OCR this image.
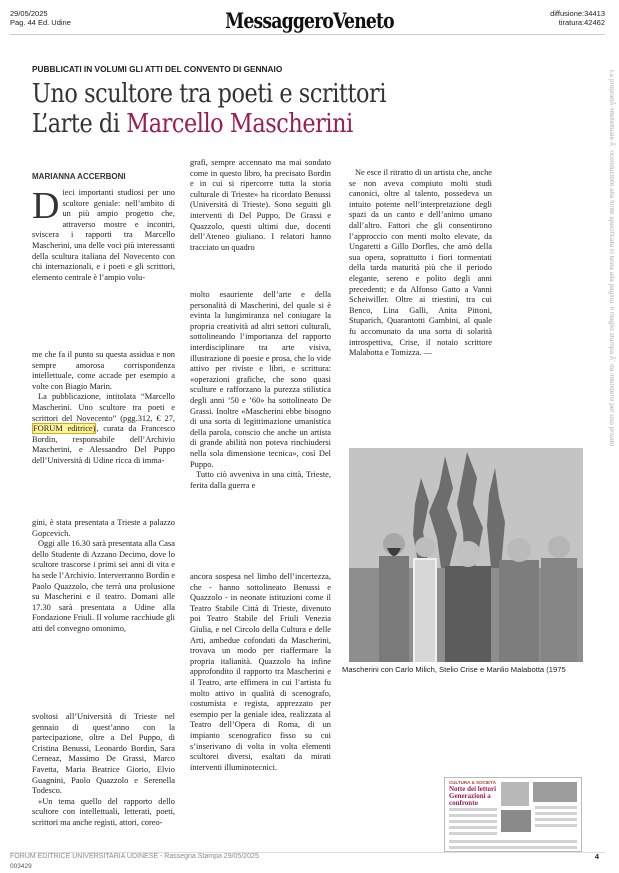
29/05/2025
Pag. 44 Ed. Udine	MessaggeroVeneto	diffusione:34413
tiratura:42462
La proprietÃ intellettuale Ã¨ riconducibile alla fonte specificata in testa alla pagina. Il ritaglio stampa Ã¨ da intendersi per uso privato
PUBBLICATI IN VOLUMI GLI ATTI DEL CONVENTO DI GENNAIO
Uno scultore tra poeti e scrittori
L’arte di Marcello Mascherini
MARIANNA ACCERBONI

Dieci importanti studiosi per uno scultore geniale: nell’ambito di un più ampio progetto che, attraverso mostre e incontri, sviscera i rapporti tra Marcello Mascherini, una delle voci più interessanti della scultura italiana del Novecento con chi internazionali, e i poeti e gli scrittori, elemento centrale è l’ampio volu-

me che fa il punto su questa assidua e non sempre amorosa corrispondenza intellettuale, come accade per esempio a volte con Biagio Marin.

La pubblicazione, intitolata “Marcello Mascherini. Uno scultore tra poeti e scrittori del Novecento” (pgg.312, € 27, FORUM editrice), curata da Francesco Bordin, responsabile dell’Archivio Mascherini, e Alessandro Del Puppo dell’Università di Udine ricca di imma-

gini, è stata presentata a Trieste a palazzo Gopcevich.

Oggi alle 16.30 sarà presentata alla Casa dello Studente di Azzano Decimo, dove lo scultore trascorse i primi sei anni di vita e ha sede l’Archivio. Interverranno Bordin e Paolo Quazzolo, che terrà una prolusione su Mascherini e il teatro. Domani alle 17.30 sarà presentata a Udine alla Fondazione Friuli. Il volume racchiude gli atti del convegno omonimo,

svoltosi all’Università di Trieste nel gennaio di quest’anno con la partecipazione, oltre a Del Puppo, di Cristina Benussi, Leonardo Bordin, Sara Cerneaz, Massimo De Grassi, Marco Favetta, Maria Beatrice Giorio, Elvio Guagnini, Paolo Quazzolo e Serenella Todesco.

«Un tema quello del rapporto dello scultore con intellettuali, letterati, poeti, scrittori ma anche registi, attori, coreo-

grafi, sempre accennato ma mai sondato come in questo libro, ha precisato Bordin e in cui si ripercorre tutta la storia culturale di Trieste» ha ricordato Benussi (Università di Trieste). Sono seguiti gli interventi di Del Puppo, De Grassi e Quazzolo, questi ultimi due, docenti dell’Ateneo giuliano. I relatori hanno tracciato un quadro

molto esauriente dell’arte e della personalità di Mascherini, del quale si è evinta la lungimiranza nel coniugare la propria creatività ad altri settori culturali, sottolineando l’importanza del rapporto interdisciplinare tra arte visiva, illustrazione di poesie e prosa, che lo vide attivo per riviste e libri, e scrittura: «operazioni grafiche, che sono quasi sculture e rafforzano la purezza stilistica degli anni ’50 e ’60» ha sottolineato De Grassi. Inoltre «Mascherini ebbe bisogno di una sorta di legittimazione umanistica della parola, conscio che anche un artista di grande abilità non poteva rinchiudersi nella sola dimensione tecnica», così Del Puppo.

Tutto ciò avveniva in una città, Trieste, ferita dalla guerra e

ancora sospesa nel limbo dell’incertezza, che - hanno sottolineato Benussi e Quazzolo - in neonate istituzioni come il Teatro Stabile Città di Trieste, divenuto poi Teatro Stabile del Friuli Venezia Giulia, e nel Circolo della Cultura e delle Arti, ambedue cofondati da Mascherini, trovava un modo per riaffermare la propria italianità. Quazzolo ha infine approfondito il rapporto tra Mascherini e il Teatro, arte effimera in cui l’artista fu molto attivo in qualità di scenografo, costumista e regista, apprezzato per esempio per la geniale idea, realizzata al Teatro dell’Opera di Roma, di un impianto scenografico fisso su cui s’inserivano di volta in volta elementi scultorei diversi, esaltati da mirati interventi illuminotecnici.

Ne esce il ritratto di un artista che, anche se non aveva compiuto molti studi canonici, oltre al talento, possedeva un intuito potente nell’interpretazione degli spazi da un canto e dell’animo umano dall’altro. Fattori che gli consentirono l’approccio con menti molto elevate, da Ungaretti a Gillo Dorfles, che amò della sua opera, soprattutto i fiori tormentati della tarda maturità più che il periodo elegante, sereno e polito degli anni precedenti; e da Alfonso Gatto a Vanni Scheiwiller. Oltre ai triestini, tra cui Benco, Lina Galli, Anita Pittoni, Stuparich, Quarantotti Gambini, al quale fu accomunato da una sorta di solarità introspettiva, Crise, il notaio scrittore Malabotta e Tomizza. —

Mascherini con Carlo Milich, Stelio Crise e Manlio Malabotta (1975
CULTURA & SOCIETÀ
Notte dei lettori Generazioni a confronto
FORUM EDITRICE UNIVERSITARIA UDINESE - Rassegna Stampa 29/05/2025	4
003429
